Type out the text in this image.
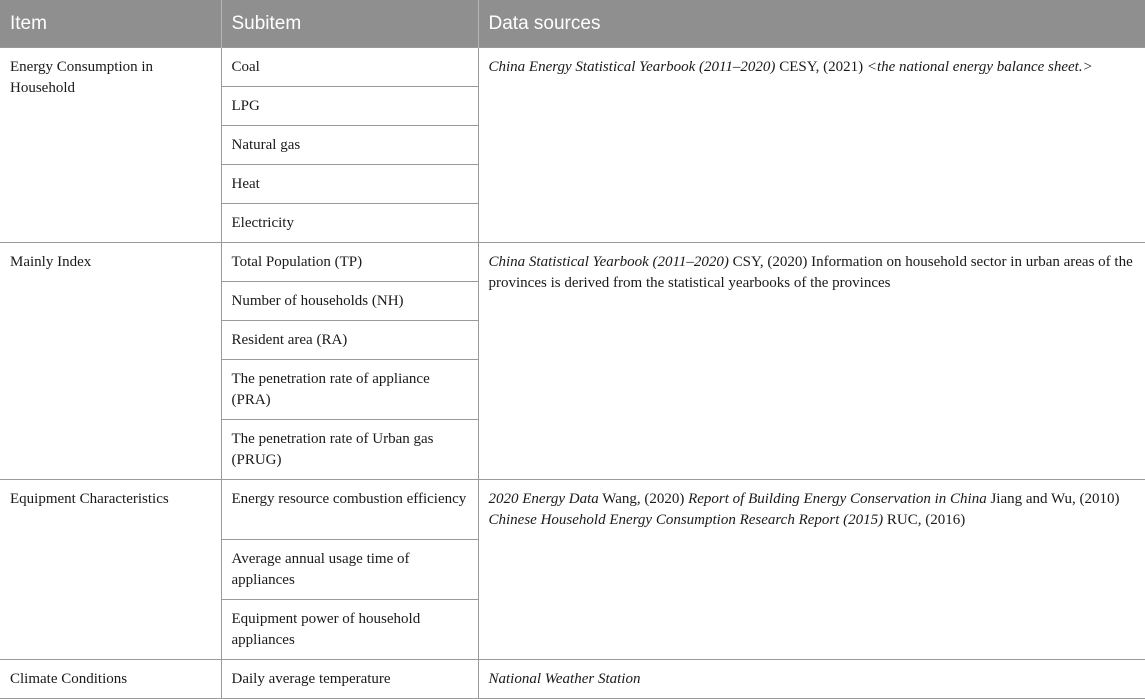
Item	Subitem	Data sources
Energy Consumption in Household	Coal	China Energy Statistical Yearbook (2011–2020) CESY, (2021) <the national energy balance sheet.>
	LPG	
	Natural gas	
	Heat	
	Electricity	
Mainly Index	Total Population (TP)	China Statistical Yearbook (2011–2020) CSY, (2020) Information on household sector in urban areas of the provinces is derived from the statistical yearbooks of the provinces
	Number of households (NH)	
	Resident area (RA)	
	The penetration rate of appliance (PRA)	
	The penetration rate of Urban gas (PRUG)	
Equipment Characteristics	Energy resource combustion efficiency	2020 Energy Data Wang, (2020) Report of Building Energy Conservation in China Jiang and Wu, (2010) Chinese Household Energy Consumption Research Report (2015) RUC, (2016)
	Average annual usage time of appliances	
	Equipment power of household appliances	
Climate Conditions	Daily average temperature	National Weather Station
